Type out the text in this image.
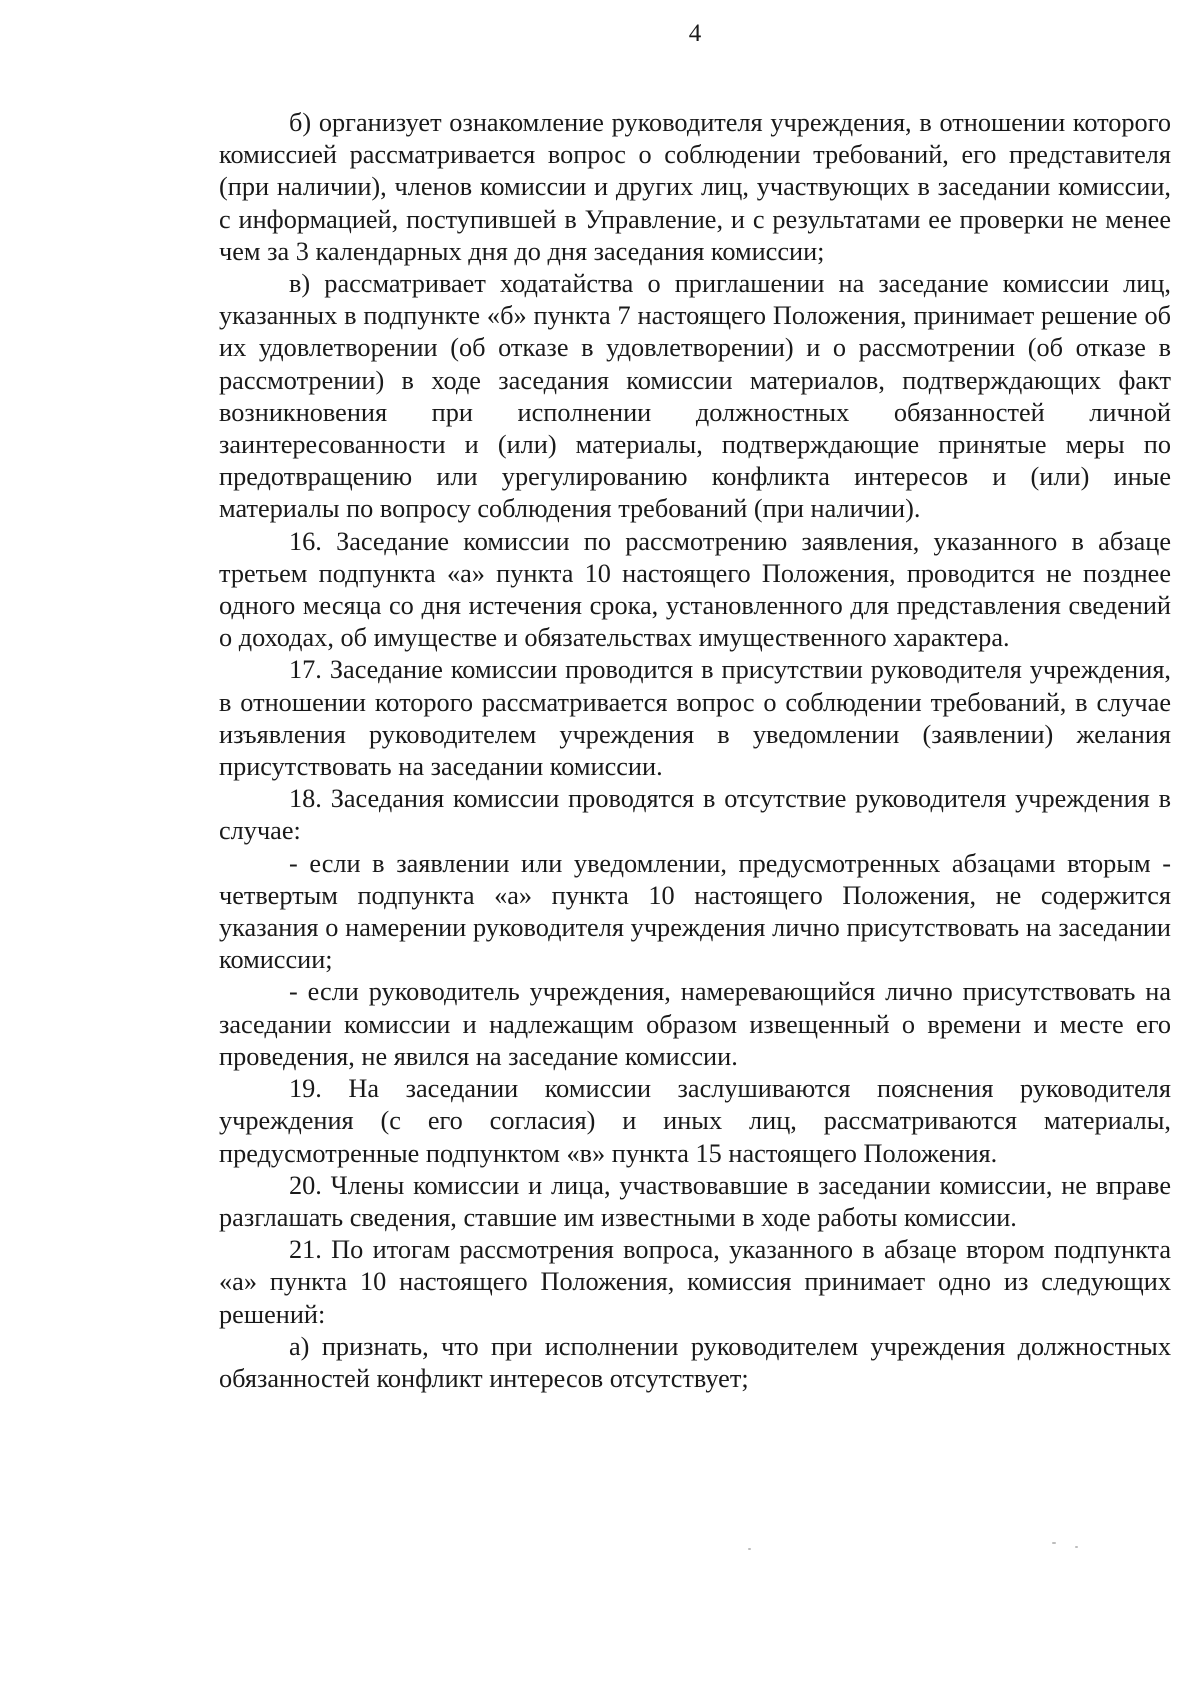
4

б) организует ознакомление руководителя учреждения, в отношении которого комиссией рассматривается вопрос о соблюдении требований, его представителя (при наличии), членов комиссии и других лиц, участвующих в заседании комиссии, с информацией, поступившей в Управление, и с результатами ее проверки не менее чем за 3 календарных дня до дня заседания комиссии;

в) рассматривает ходатайства о приглашении на заседание комиссии лиц, указанных в подпункте «б» пункта 7 настоящего Положения, принимает решение об их удовлетворении (об отказе в удовлетворении) и о рассмотрении (об отказе в рассмотрении) в ходе заседания комиссии материалов, подтверждающих факт возникновения при исполнении должностных обязанностей личной заинтересованности и (или) материалы, подтверждающие принятые меры по предотвращению или урегулированию конфликта интересов и (или) иные материалы по вопросу соблюдения требований (при наличии).

16. Заседание комиссии по рассмотрению заявления, указанного в абзаце третьем подпункта «а» пункта 10 настоящего Положения, проводится не позднее одного месяца со дня истечения срока, установленного для представления сведений о доходах, об имуществе и обязательствах имущественного характера.

17. Заседание комиссии проводится в присутствии руководителя учреждения, в отношении которого рассматривается вопрос о соблюдении требований, в случае изъявления руководителем учреждения в уведомлении (заявлении) желания присутствовать на заседании комиссии.

18. Заседания комиссии проводятся в отсутствие руководителя учреждения в случае:

- если в заявлении или уведомлении, предусмотренных абзацами вторым - четвертым подпункта «а» пункта 10 настоящего Положения, не содержится указания о намерении руководителя учреждения лично присутствовать на заседании комиссии;

- если руководитель учреждения, намеревающийся лично присутствовать на заседании комиссии и надлежащим образом извещенный о времени и месте его проведения, не явился на заседание комиссии.

19. На заседании комиссии заслушиваются пояснения руководителя учреждения (с его согласия) и иных лиц, рассматриваются материалы, предусмотренные подпунктом «в» пункта 15 настоящего Положения.

20. Члены комиссии и лица, участвовавшие в заседании комиссии, не вправе разглашать сведения, ставшие им известными в ходе работы комиссии.

21. По итогам рассмотрения вопроса, указанного в абзаце втором подпункта «а» пункта 10 настоящего Положения, комиссия принимает одно из следующих решений:

а) признать, что при исполнении руководителем учреждения должностных обязанностей конфликт интересов отсутствует;
